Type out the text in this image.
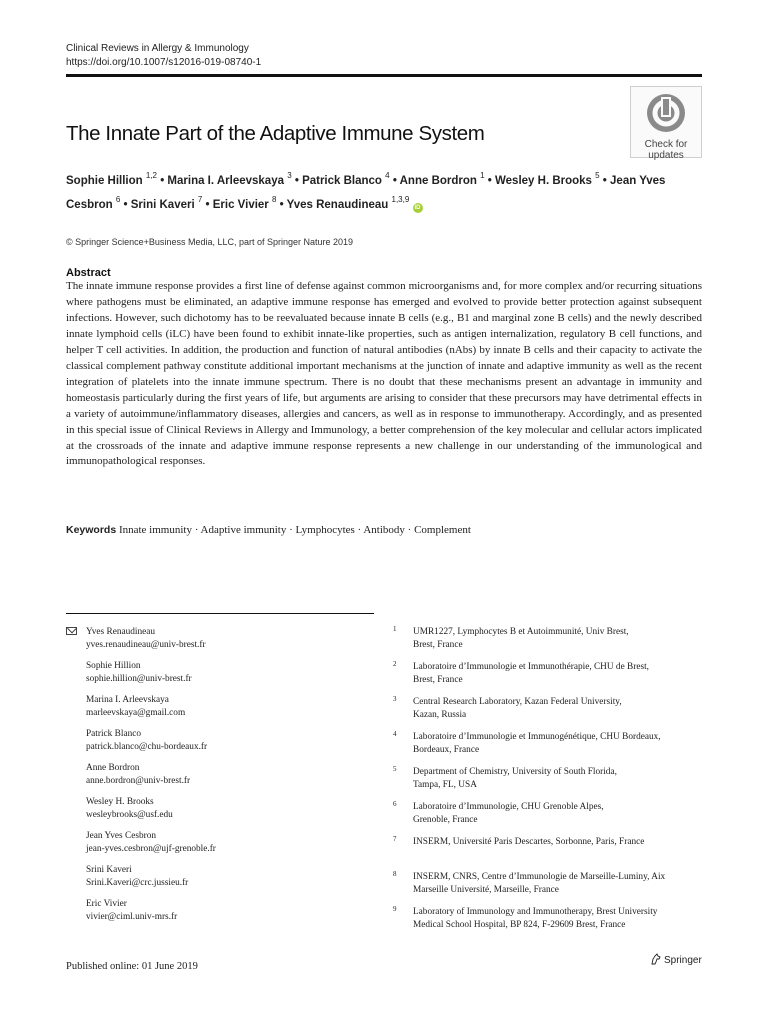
Clinical Reviews in Allergy & Immunology
https://doi.org/10.1007/s12016-019-08740-1
Check for
updates
The Innate Part of the Adaptive Immune System
Sophie Hillion $^{1,2}$ • Marina I. Arleevskaya $^3$ • Patrick Blanco $^4$ • Anne Bordron $^1$ • Wesley H. Brooks $^5$ • Jean Yves Cesbron $^6$ • Srini Kaveri $^7$ • Eric Vivier $^8$ • Yves Renaudineau $^{1,3,9}$ iD
© Springer Science+Business Media, LLC, part of Springer Nature 2019
Abstract

The innate immune response provides a first line of defense against common microorganisms and, for more complex and/or recurring situations where pathogens must be eliminated, an adaptive immune response has emerged and evolved to provide better protection against subsequent infections. However, such dichotomy has to be reevaluated because innate B cells (e.g., B1 and marginal zone B cells) and the newly described innate lymphoid cells (iLC) have been found to exhibit innate-like properties, such as antigen internalization, regulatory B cell functions, and helper T cell activities. In addition, the production and function of natural antibodies (nAbs) by innate B cells and their capacity to activate the classical complement pathway constitute additional important mechanisms at the junction of innate and adaptive immunity as well as the recent integration of platelets into the innate immune spectrum. There is no doubt that these mechanisms present an advantage in immunity and homeostasis particularly during the first years of life, but arguments are arising to consider that these precursors may have detrimental effects in a variety of autoimmune/inflammatory diseases, allergies and cancers, as well as in response to immunotherapy. Accordingly, and as presented in this special issue of Clinical Reviews in Allergy and Immunology, a better comprehension of the key molecular and cellular actors implicated at the crossroads of the innate and adaptive immune response represents a new challenge in our understanding of the immunological and immunopathological responses.

Keywords Innate immunity · Adaptive immunity · Lymphocytes · Antibody · Complement
Yves Renaudineau
yves.renaudineau@univ-brest.fr
Sophie Hillion
sophie.hillion@univ-brest.fr
Marina I. Arleevskaya
marleevskaya@gmail.com
Patrick Blanco
patrick.blanco@chu-bordeaux.fr
Anne Bordron
anne.bordron@univ-brest.fr
Wesley H. Brooks
wesleybrooks@usf.edu
Jean Yves Cesbron
jean-yves.cesbron@ujf-grenoble.fr
Srini Kaveri
Srini.Kaveri@crc.jussieu.fr
Eric Vivier
vivier@ciml.univ-mrs.fr
1 UMR1227, Lymphocytes B et Autoimmunité, Univ Brest,
Brest, France
2 Laboratoire d’Immunologie et Immunothérapie, CHU de Brest,
Brest, France
3 Central Research Laboratory, Kazan Federal University,
Kazan, Russia
4 Laboratoire d’Immunologie et Immunogénétique, CHU Bordeaux,
Bordeaux, France
5 Department of Chemistry, University of South Florida,
Tampa, FL, USA
6 Laboratoire d’Immunologie, CHU Grenoble Alpes,
Grenoble, France
7 INSERM, Université Paris Descartes, Sorbonne, Paris, France
8 INSERM, CNRS, Centre d’Immunologie de Marseille-Luminy, Aix
Marseille Université, Marseille, France
9 Laboratory of Immunology and Immunotherapy, Brest University
Medical School Hospital, BP 824, F-29609 Brest, France
Published online: 01 June 2019
Springer
